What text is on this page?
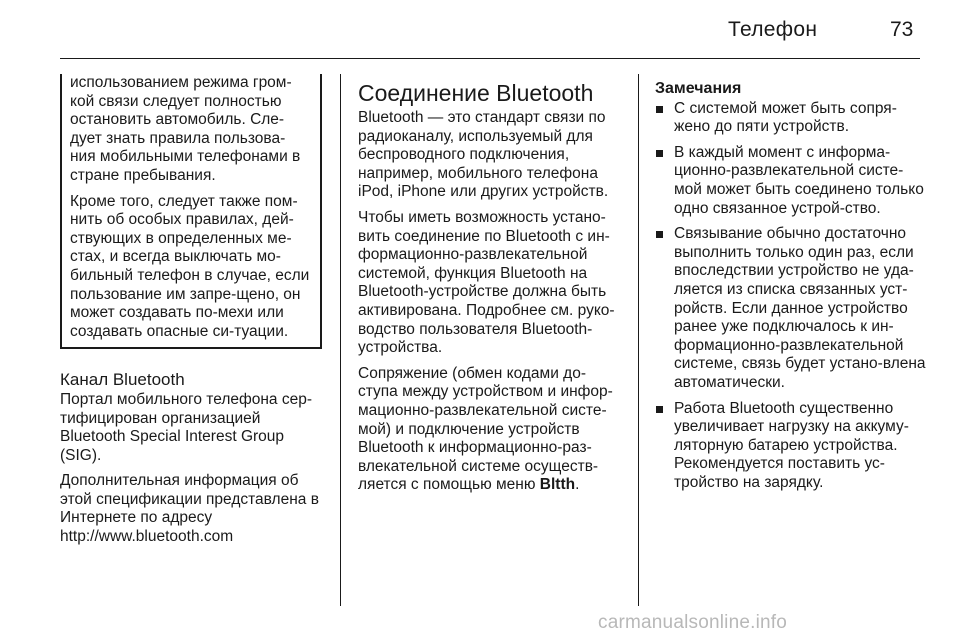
Телефон	73

использованием режима гром-кой связи следует полностью остановить автомобиль. Сле-дует знать правила пользова-ния мобильными телефонами в стране пребывания.

Кроме того, следует также пом-нить об особых правилах, дей-ствующих в определенных ме-стах, и всегда выключать мо-бильный телефон в случае, если пользование им запре-щено, он может создавать по-мехи или создавать опасные си-туации.

Канал Bluetooth

Портал мобильного телефона сер-тифицирован организацией Bluetooth Special Interest Group (SIG).

Дополнительная информация об этой спецификации представлена в Интернете по адресу http://www.bluetooth.com

Соединение Bluetooth

Bluetooth — это стандарт связи по радиоканалу, используемый для беспроводного подключения, например, мобильного телефона iPod, iPhone или других устройств.

Чтобы иметь возможность устано-вить соединение по Bluetooth с ин-формационно-развлекательной системой, функция Bluetooth на Bluetooth-устройстве должна быть активирована. Подробнее см. руко-водство пользователя Bluetooth-устройства.

Сопряжение (обмен кодами до-ступа между устройством и инфор-мационно-развлекательной систе-мой) и подключение устройств Bluetooth к информационно-раз-влекательной системе осуществ-ляется с помощью меню Bltth.

Замечания
С системой может быть сопря-жено до пяти устройств.
В каждый момент с информа-ционно-развлекательной систе-мой может быть соединено только одно связанное устрой-ство.
Связывание обычно достаточно выполнить только один раз, если впоследствии устройство не уда-ляется из списка связанных уст-ройств. Если данное устройство ранее уже подключалось к ин-формационно-развлекательной системе, связь будет устано-влена автоматически.
Работа Bluetooth существенно увеличивает нагрузку на аккуму-ляторную батарею устройства. Рекомендуется поставить ус-тройство на зарядку.
carmanualsonline.info
